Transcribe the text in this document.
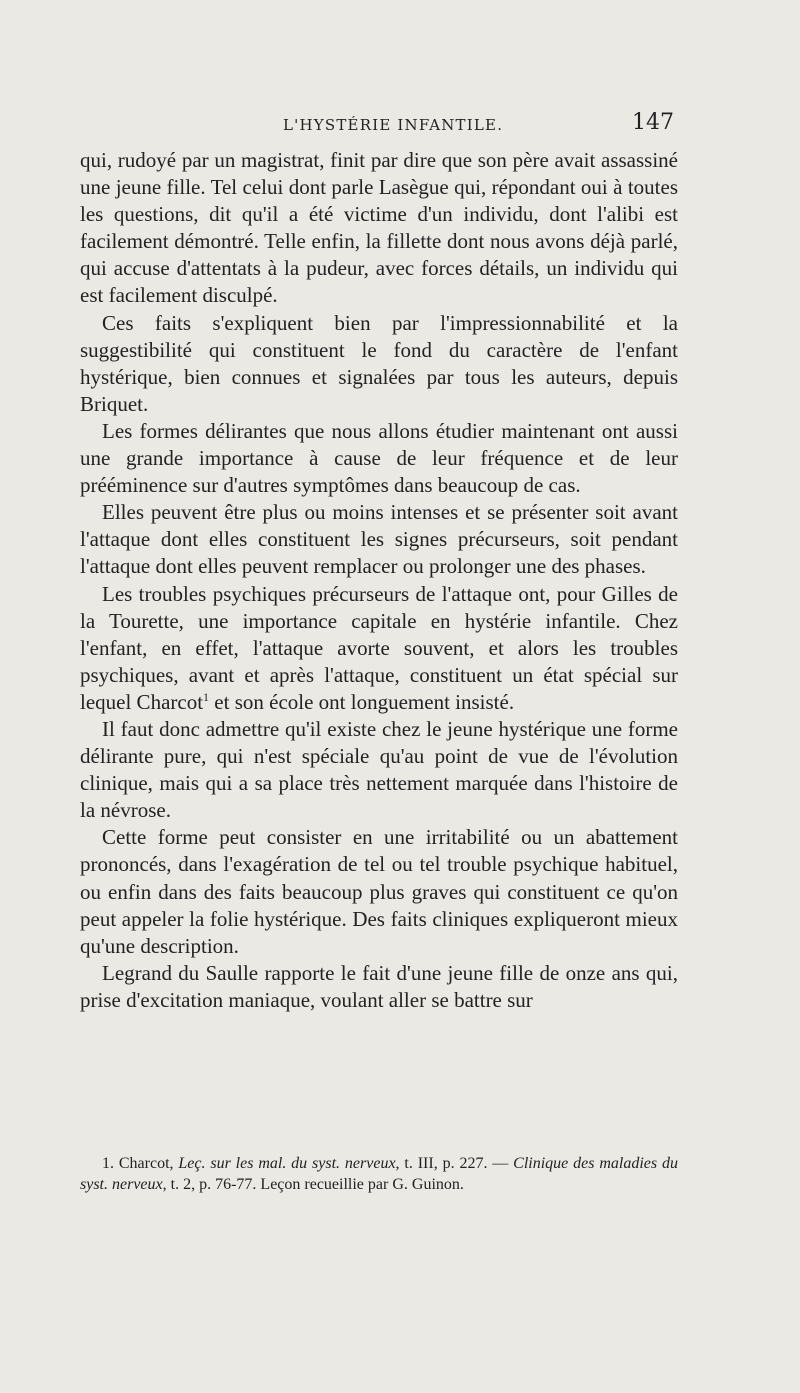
L'HYSTÉRIE INFANTILE.	147

qui, rudoyé par un magistrat, finit par dire que son père avait assassiné une jeune fille. Tel celui dont parle Lasègue qui, répondant oui à toutes les questions, dit qu'il a été victime d'un individu, dont l'alibi est facilement démontré. Telle enfin, la fillette dont nous avons déjà parlé, qui accuse d'attentats à la pudeur, avec forces détails, un individu qui est facilement disculpé.

Ces faits s'expliquent bien par l'impressionnabilité et la suggestibilité qui constituent le fond du caractère de l'enfant hystérique, bien connues et signalées par tous les auteurs, depuis Briquet.

Les formes délirantes que nous allons étudier maintenant ont aussi une grande importance à cause de leur fréquence et de leur prééminence sur d'autres symptômes dans beaucoup de cas.

Elles peuvent être plus ou moins intenses et se présenter soit avant l'attaque dont elles constituent les signes précurseurs, soit pendant l'attaque dont elles peuvent remplacer ou prolonger une des phases.

Les troubles psychiques précurseurs de l'attaque ont, pour Gilles de la Tourette, une importance capitale en hystérie infantile. Chez l'enfant, en effet, l'attaque avorte souvent, et alors les troubles psychiques, avant et après l'attaque, constituent un état spécial sur lequel Charcot$^1$ et son école ont longuement insisté.

Il faut donc admettre qu'il existe chez le jeune hystérique une forme délirante pure, qui n'est spéciale qu'au point de vue de l'évolution clinique, mais qui a sa place très nettement marquée dans l'histoire de la névrose.

Cette forme peut consister en une irritabilité ou un abattement prononcés, dans l'exagération de tel ou tel trouble psychique habituel, ou enfin dans des faits beaucoup plus graves qui constituent ce qu'on peut appeler la folie hystérique. Des faits cliniques expliqueront mieux qu'une description.

Legrand du Saulle rapporte le fait d'une jeune fille de onze ans qui, prise d'excitation maniaque, voulant aller se battre sur

1. Charcot, Leç. sur les mal. du syst. nerveux, t. III, p. 227. — Clinique des maladies du syst. nerveux, t. 2, p. 76-77. Leçon recueillie par G. Guinon.
